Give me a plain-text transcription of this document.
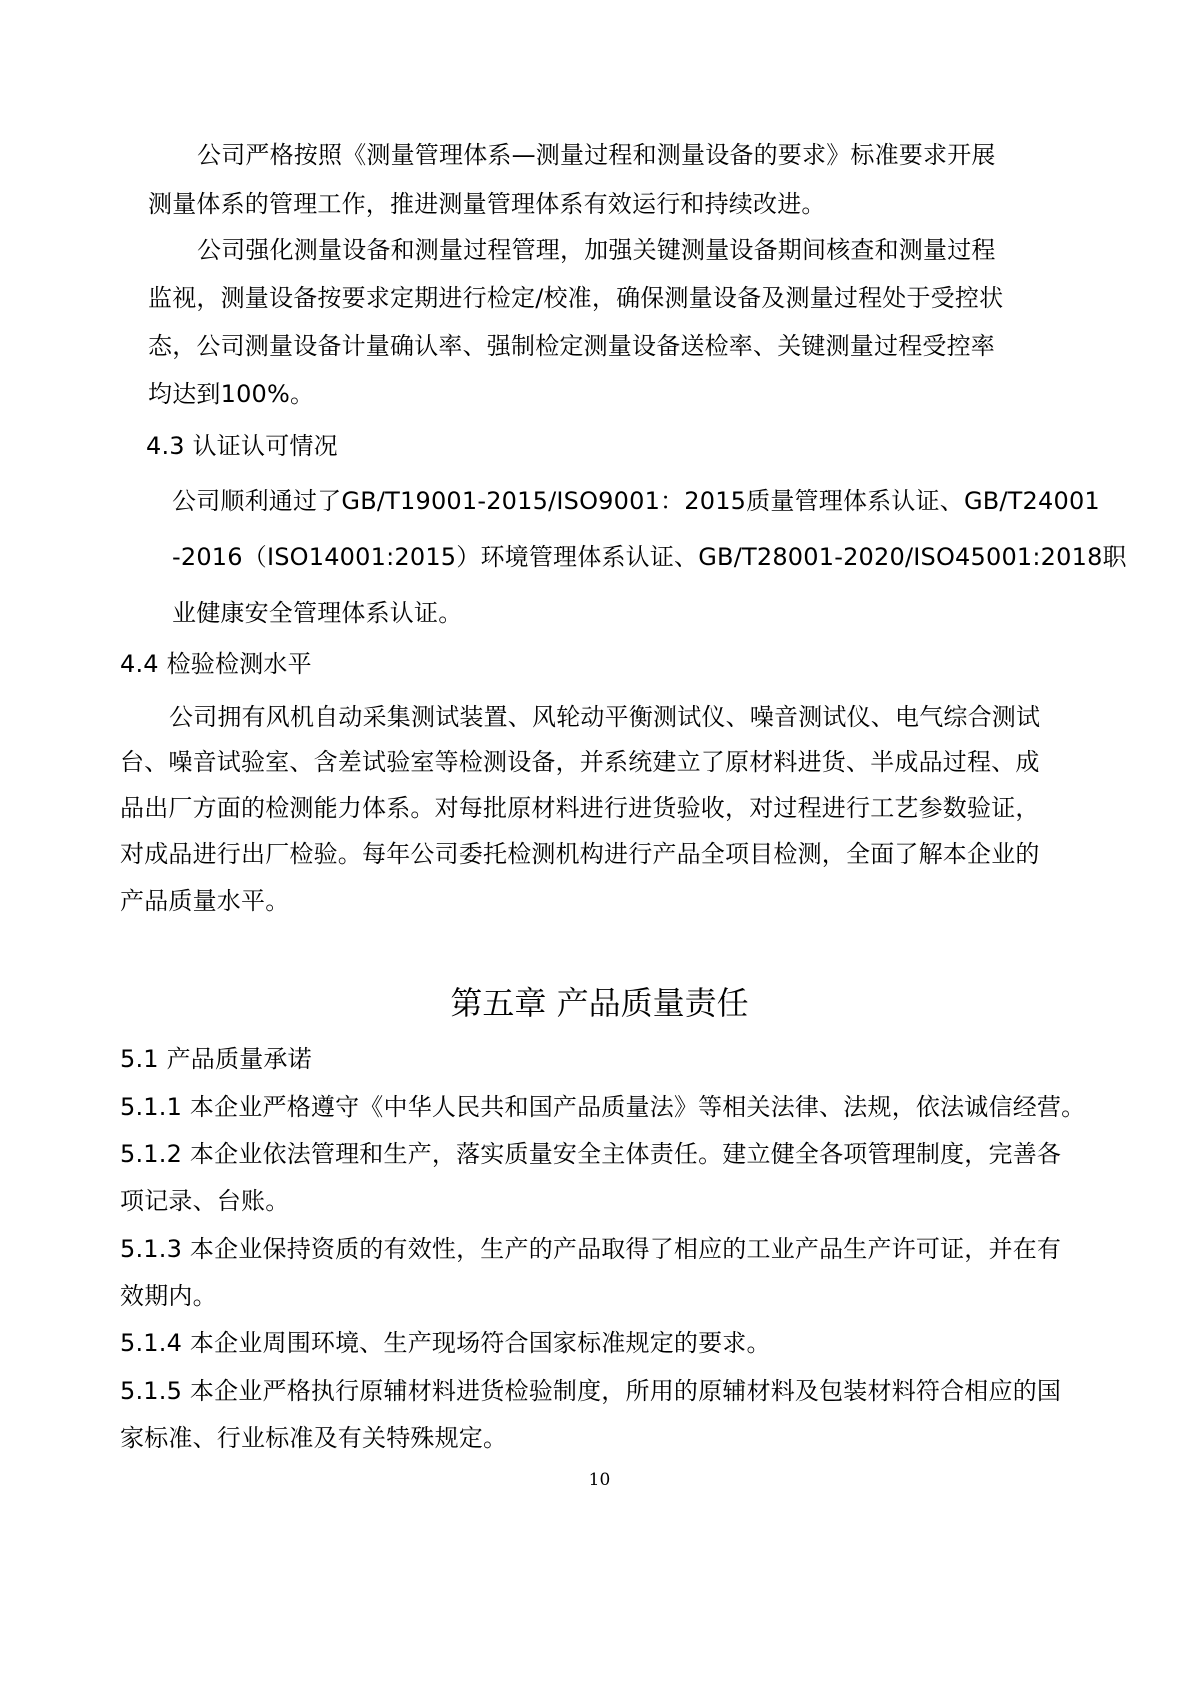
公司严格按照《测量管理体系—测量过程和测量设备的要求》标准要求开展
测量体系的管理工作，推进测量管理体系有效运行和持续改进。
公司强化测量设备和测量过程管理，加强关键测量设备期间核查和测量过程
监视，测量设备按要求定期进行检定/校准，确保测量设备及测量过程处于受控状
态，公司测量设备计量确认率、强制检定测量设备送检率、关键测量过程受控率
均达到100%。
4.3 认证认可情况
公司顺利通过了GB/T19001-2015/ISO9001：2015质量管理体系认证、GB/T24001
-2016（ISO14001:2015）环境管理体系认证、GB/T28001-2020/ISO45001:2018职
业健康安全管理体系认证。
4.4 检验检测水平
公司拥有风机自动采集测试装置、风轮动平衡测试仪、噪音测试仪、电气综合测试
台、噪音试验室、含差试验室等检测设备，并系统建立了原材料进货、半成品过程、成
品出厂方面的检测能力体系。对每批原材料进行进货验收，对过程进行工艺参数验证，
对成品进行出厂检验。每年公司委托检测机构进行产品全项目检测，全面了解本企业的
产品质量水平。
第五章 产品质量责任
5.1 产品质量承诺
5.1.1 本企业严格遵守《中华人民共和国产品质量法》等相关法律、法规，依法诚信经营。
5.1.2 本企业依法管理和生产，落实质量安全主体责任。建立健全各项管理制度，完善各
项记录、台账。
5.1.3 本企业保持资质的有效性，生产的产品取得了相应的工业产品生产许可证，并在有
效期内。
5.1.4 本企业周围环境、生产现场符合国家标准规定的要求。
5.1.5 本企业严格执行原辅材料进货检验制度，所用的原辅材料及包装材料符合相应的国
家标准、行业标准及有关特殊规定。
10
